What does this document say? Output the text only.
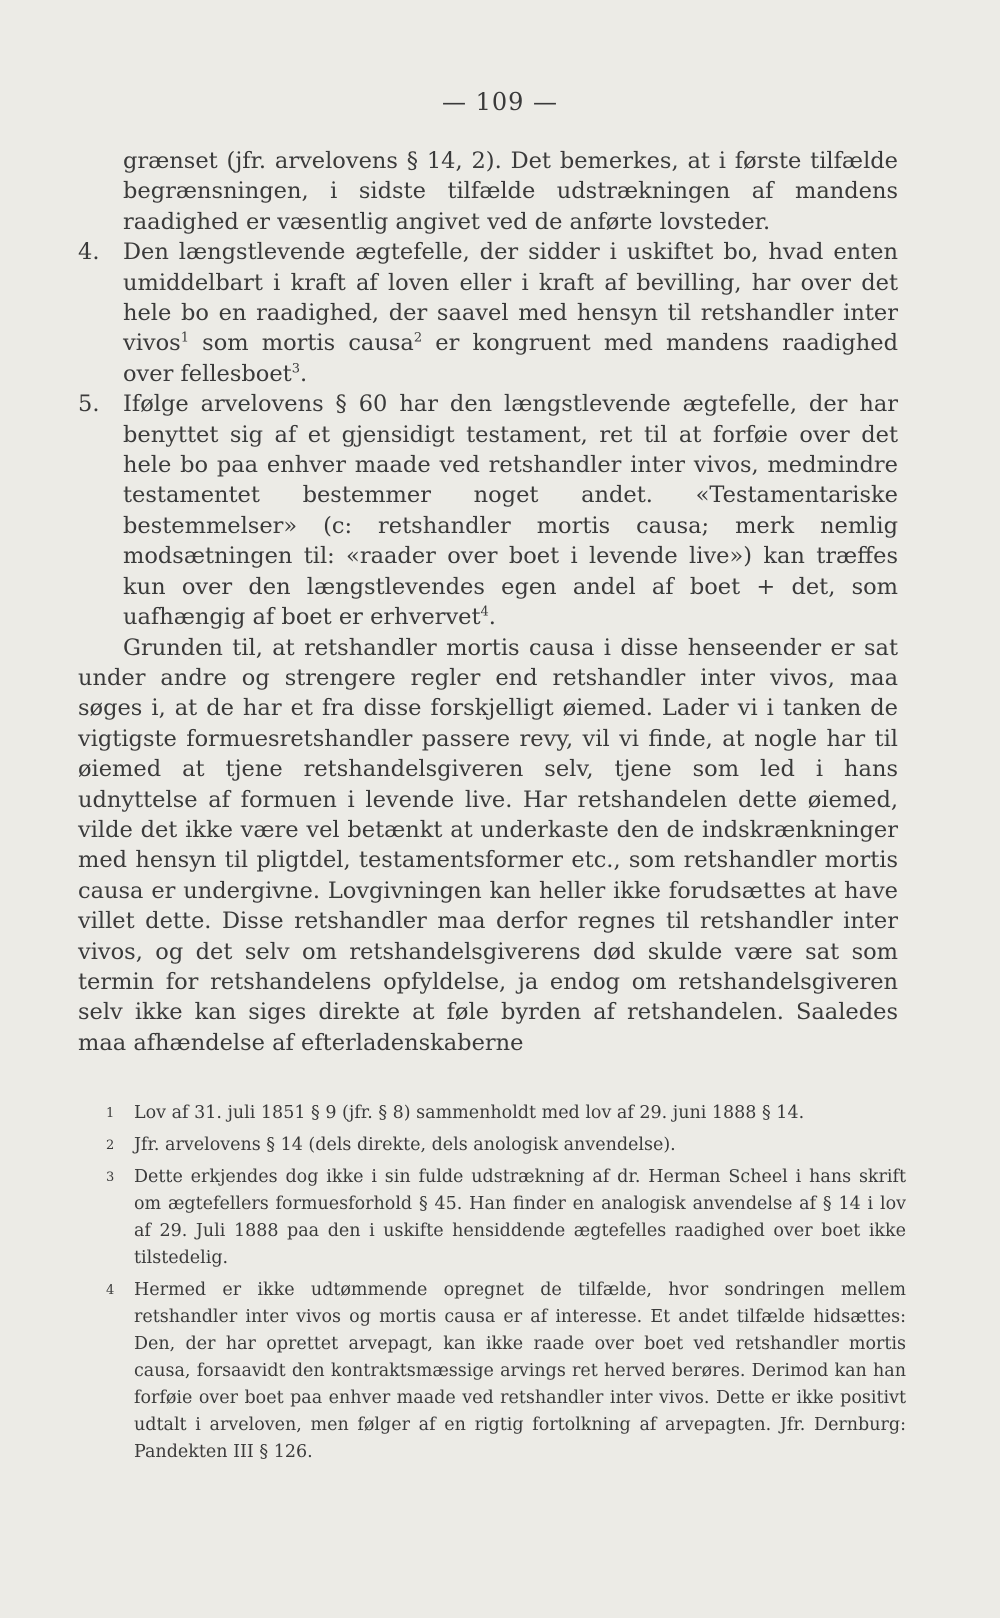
— 109 —

grænset (jfr. arvelovens § 14, 2). Det bemerkes, at i første tilfælde begrænsningen, i sidste tilfælde udstrækningen af mandens raadighed er væsentlig angivet ved de anførte lovsteder.

4. Den længstlevende ægtefelle, der sidder i uskiftet bo, hvad enten umiddelbart i kraft af loven eller i kraft af bevilling, har over det hele bo en raadighed, der saavel med hensyn til retshandler inter vivos$^1$ som mortis causa$^2$ er kongruent med mandens raadighed over fellesboet$^3$.

5. Ifølge arvelovens § 60 har den længstlevende ægtefelle, der har benyttet sig af et gjensidigt testament, ret til at forføie over det hele bo paa enhver maade ved retshandler inter vivos, medmindre testamentet bestemmer noget andet. «Testamentariske bestemmelser» (c: retshandler mortis causa; merk nemlig modsætningen til: «raader over boet i levende live») kan træffes kun over den længstlevendes egen andel af boet + det, som uafhængig af boet er erhvervet$^4$.

Grunden til, at retshandler mortis causa i disse henseender er sat under andre og strengere regler end retshandler inter vivos, maa søges i, at de har et fra disse forskjelligt øiemed. Lader vi i tanken de vigtigste formuesretshandler passere revy, vil vi finde, at nogle har til øiemed at tjene retshandelsgiveren selv, tjene som led i hans udnyttelse af formuen i levende live. Har retshandelen dette øiemed, vilde det ikke være vel betænkt at underkaste den de indskrænkninger med hensyn til pligtdel, testamentsformer etc., som retshandler mortis causa er undergivne. Lovgivningen kan heller ikke forudsættes at have villet dette. Disse retshandler maa derfor regnes til retshandler inter vivos, og det selv om retshandelsgiverens død skulde være sat som termin for retshandelens opfyldelse, ja endog om retshandelsgiveren selv ikke kan siges direkte at føle byrden af retshandelen. Saaledes maa afhændelse af efterladenskaberne

1	Lov af 31. juli 1851 § 9 (jfr. § 8) sammenholdt med lov af 29. juni 1888 § 14.
2	Jfr. arvelovens § 14 (dels direkte, dels anologisk anvendelse).
3	Dette erkjendes dog ikke i sin fulde udstrækning af dr. Herman Scheel i hans skrift om ægtefellers formuesforhold § 45. Han finder en analogisk anvendelse af § 14 i lov af 29. Juli 1888 paa den i uskifte hensiddende ægtefelles raadighed over boet ikke tilstedelig.
4	Hermed er ikke udtømmende opregnet de tilfælde, hvor sondringen mellem retshandler inter vivos og mortis causa er af interesse. Et andet tilfælde hidsættes: Den, der har oprettet arvepagt, kan ikke raade over boet ved retshandler mortis causa, forsaavidt den kontraktsmæssige arvings ret herved berøres. Derimod kan han forføie over boet paa enhver maade ved retshandler inter vivos. Dette er ikke positivt udtalt i arveloven, men følger af en rigtig fortolkning af arvepagten. Jfr. Dernburg: Pandekten III § 126.
